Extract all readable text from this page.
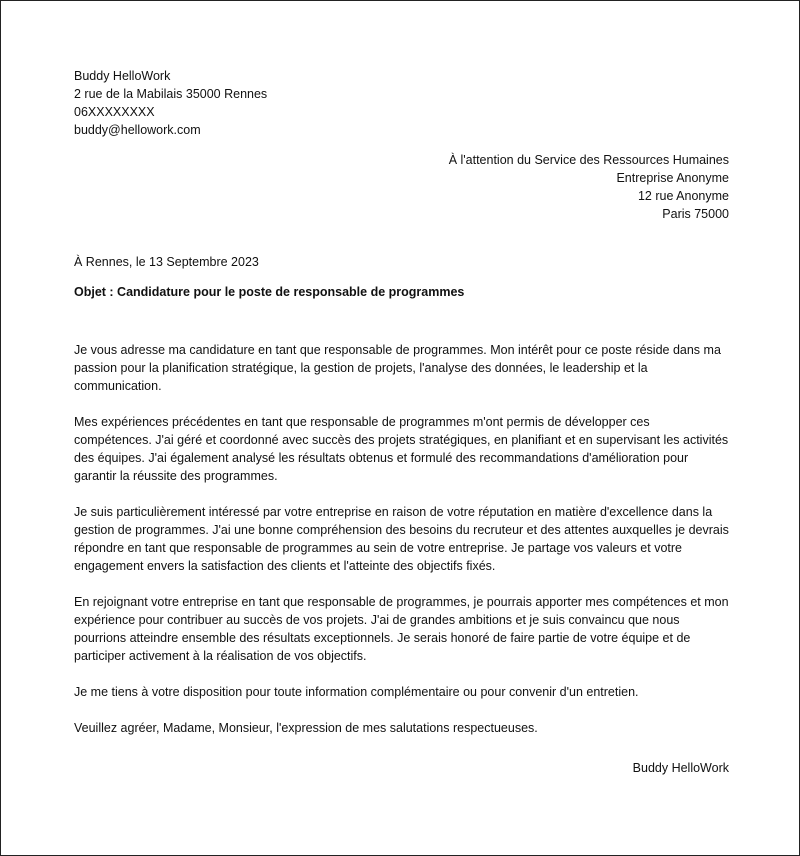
Buddy HelloWork
2 rue de la Mabilais 35000 Rennes
06XXXXXXXX
buddy@hellowork.com
À l'attention du Service des Ressources Humaines
Entreprise Anonyme
12 rue Anonyme
Paris 75000
À Rennes, le 13 Septembre 2023
Objet : Candidature pour le poste de responsable de programmes

Je vous adresse ma candidature en tant que responsable de programmes. Mon intérêt pour ce poste réside dans ma passion pour la planification stratégique, la gestion de projets, l'analyse des données, le leadership et la communication.

Mes expériences précédentes en tant que responsable de programmes m'ont permis de développer ces compétences. J'ai géré et coordonné avec succès des projets stratégiques, en planifiant et en supervisant les activités des équipes. J'ai également analysé les résultats obtenus et formulé des recommandations d'amélioration pour garantir la réussite des programmes.

Je suis particulièrement intéressé par votre entreprise en raison de votre réputation en matière d'excellence dans la gestion de programmes. J'ai une bonne compréhension des besoins du recruteur et des attentes auxquelles je devrais répondre en tant que responsable de programmes au sein de votre entreprise. Je partage vos valeurs et votre engagement envers la satisfaction des clients et l'atteinte des objectifs fixés.

En rejoignant votre entreprise en tant que responsable de programmes, je pourrais apporter mes compétences et mon expérience pour contribuer au succès de vos projets. J'ai de grandes ambitions et je suis convaincu que nous pourrions atteindre ensemble des résultats exceptionnels. Je serais honoré de faire partie de votre équipe et de participer activement à la réalisation de vos objectifs.

Je me tiens à votre disposition pour toute information complémentaire ou pour convenir d'un entretien.

Veuillez agréer, Madame, Monsieur, l'expression de mes salutations respectueuses.

Buddy HelloWork
